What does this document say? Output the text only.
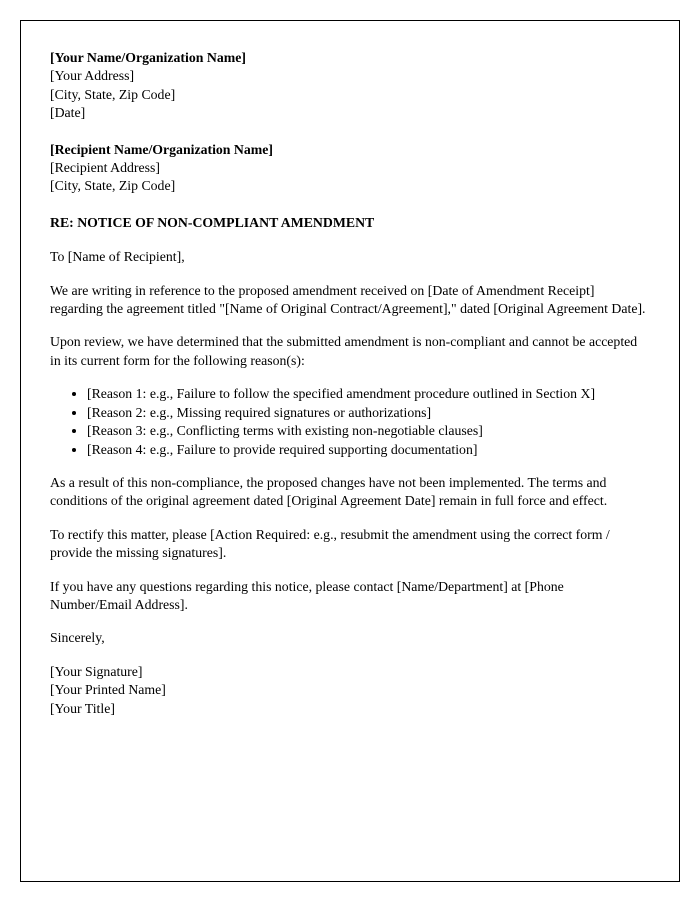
[Your Name/Organization Name]
[Your Address]
[City, State, Zip Code]
[Date]
[Recipient Name/Organization Name]
[Recipient Address]
[City, State, Zip Code]
RE: NOTICE OF NON-COMPLIANT AMENDMENT

To [Name of Recipient],

We are writing in reference to the proposed amendment received on [Date of Amendment Receipt] regarding the agreement titled "[Name of Original Contract/Agreement]," dated [Original Agreement Date].

Upon review, we have determined that the submitted amendment is non-compliant and cannot be accepted in its current form for the following reason(s):

• [Reason 1: e.g., Failure to follow the specified amendment procedure outlined in Section X]
• [Reason 2: e.g., Missing required signatures or authorizations]
• [Reason 3: e.g., Conflicting terms with existing non-negotiable clauses]
• [Reason 4: e.g., Failure to provide required supporting documentation]

As a result of this non-compliance, the proposed changes have not been implemented. The terms and conditions of the original agreement dated [Original Agreement Date] remain in full force and effect.

To rectify this matter, please [Action Required: e.g., resubmit the amendment using the correct form / provide the missing signatures].

If you have any questions regarding this notice, please contact [Name/Department] at [Phone Number/Email Address].

Sincerely,

[Your Signature]
[Your Printed Name]
[Your Title]
